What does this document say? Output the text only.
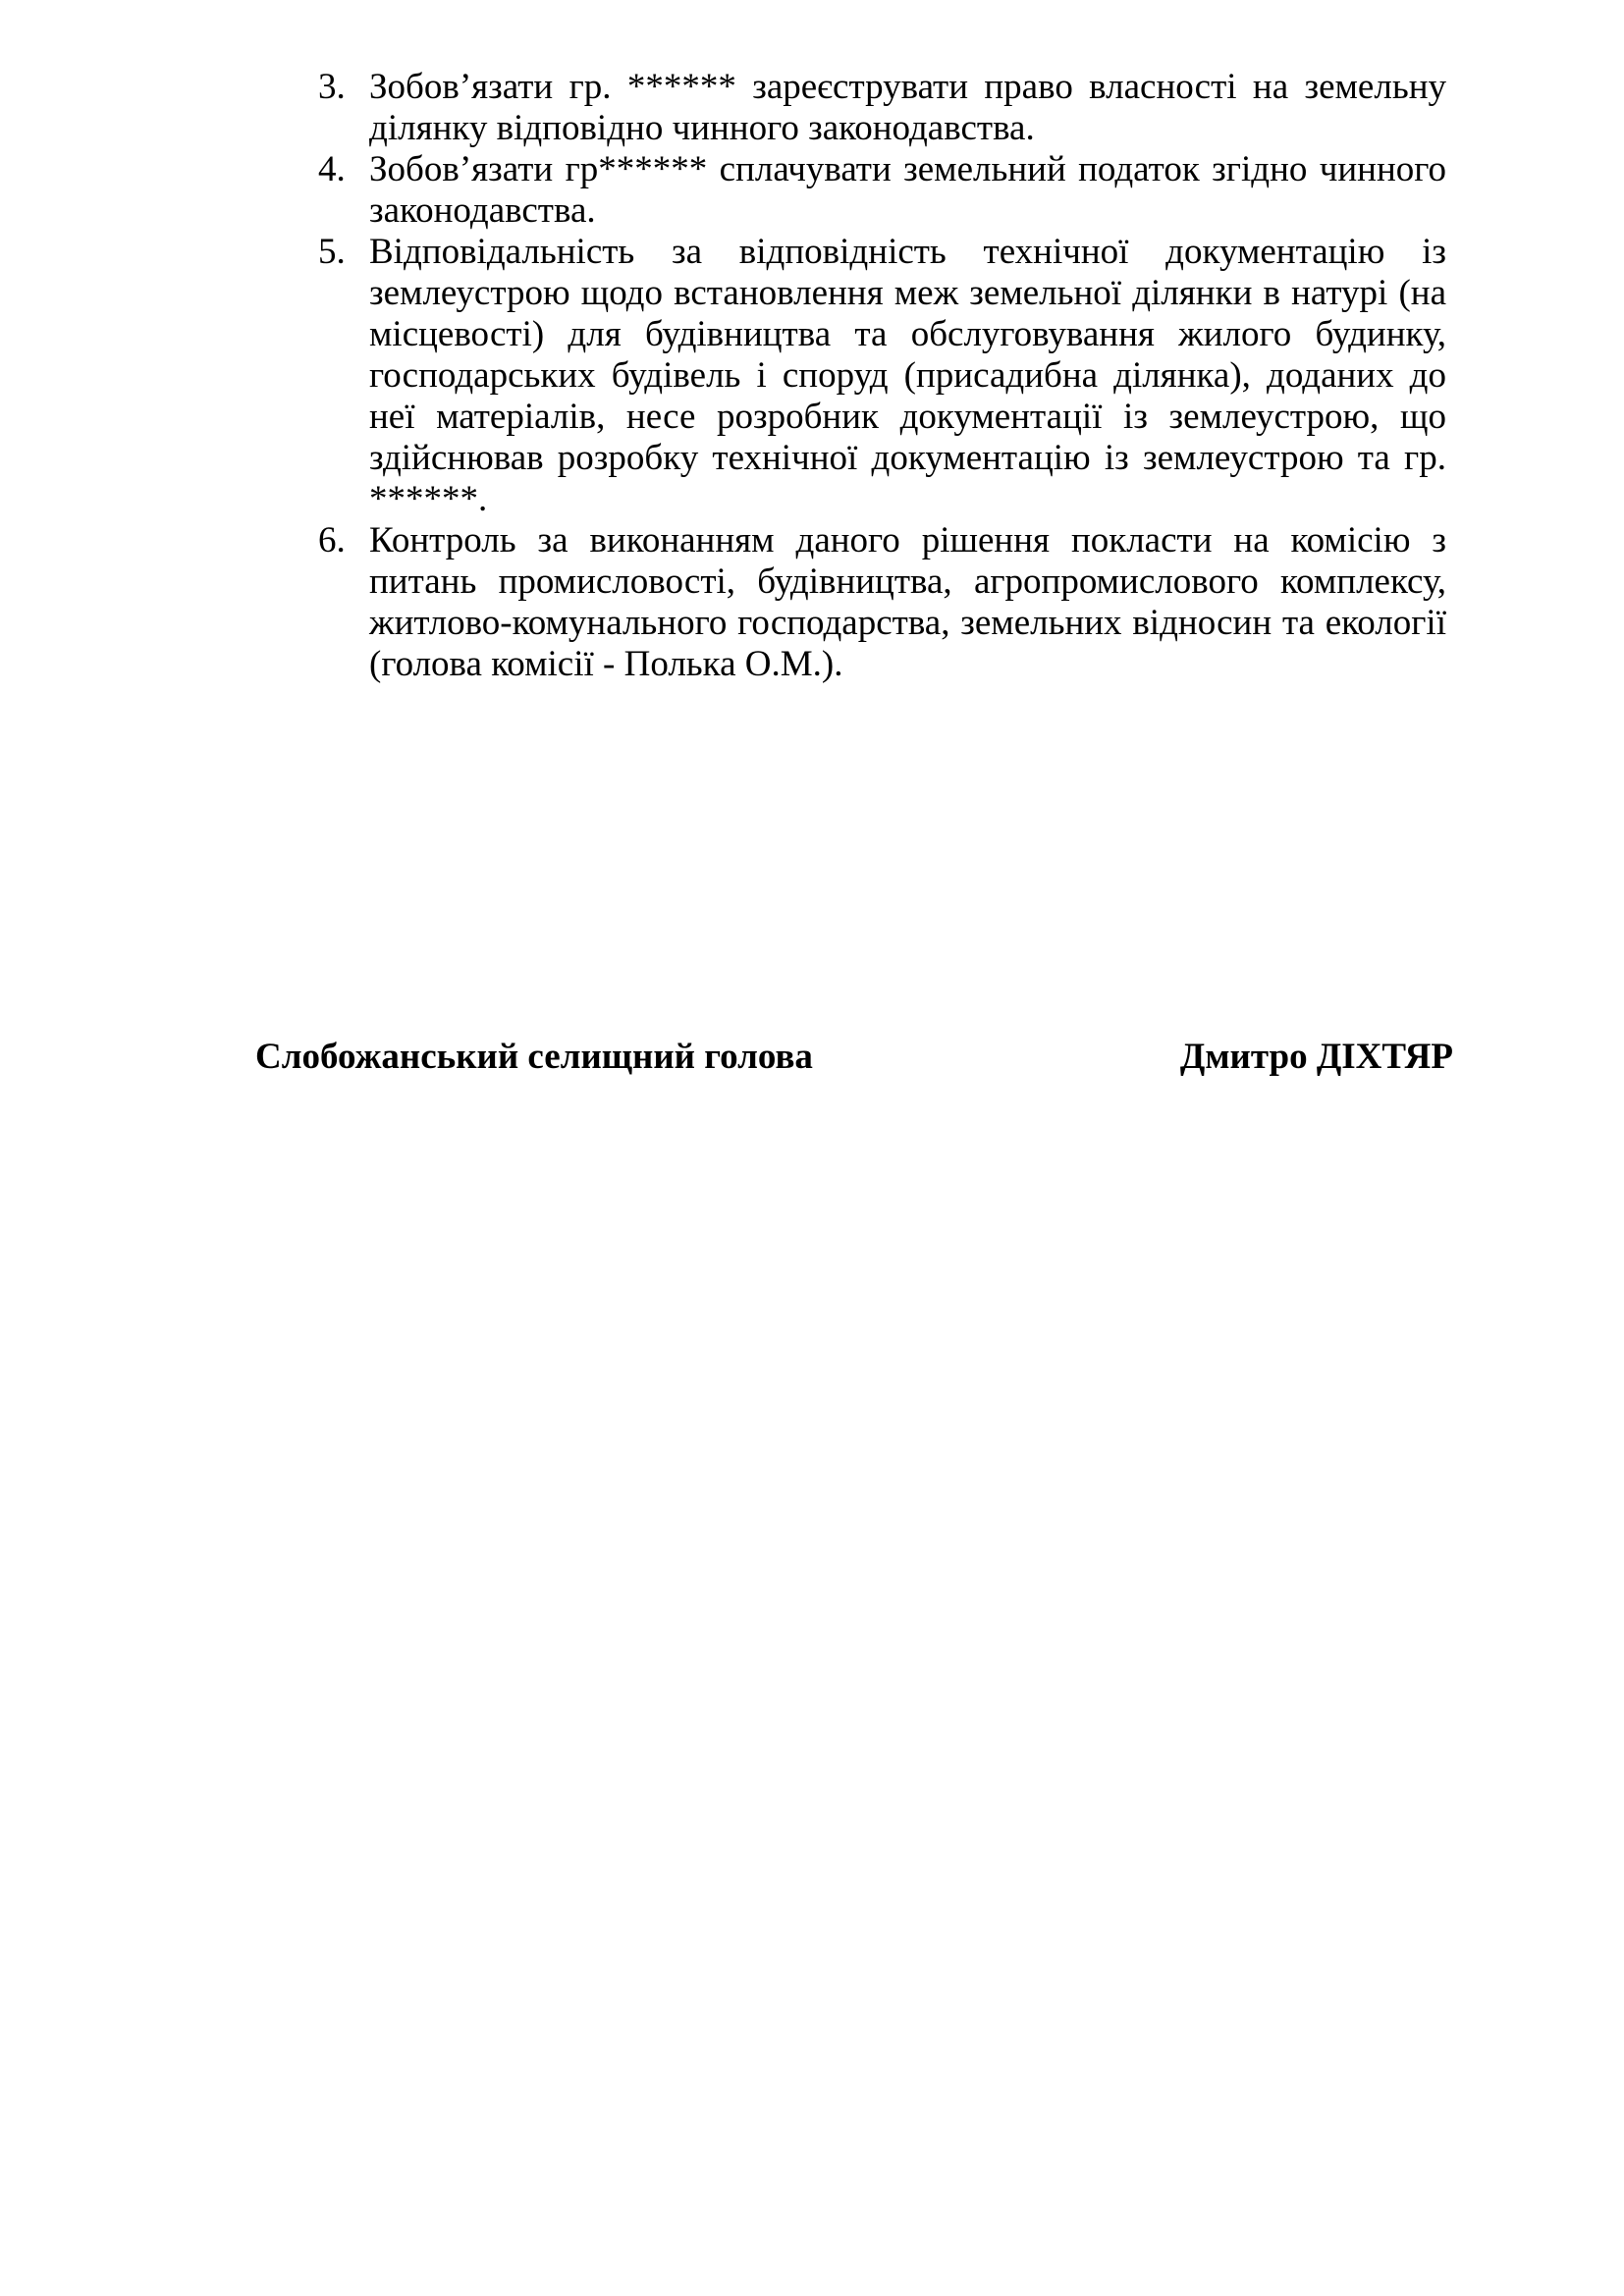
3. Зобов’язати гр. ****** зареєструвати право власності на земельну ділянку відповідно чинного законодавства.
4. Зобов’язати гр****** сплачувати земельний податок згідно чинного законодавства.
5. Відповідальність за відповідність технічної документацію із землеустрою щодо встановлення меж земельної ділянки в натурі (на місцевості) для будівництва та обслуговування жилого будинку, господарських будівель і споруд (присадибна ділянка), доданих до неї матеріалів, несе розробник документації із землеустрою, що здійснював розробку технічної документацію із землеустрою та гр. ******.
6. Контроль за виконанням даного рішення покласти на комісію з питань промисловості, будівництва, агропромислового комплексу, житлово-комунального господарства, земельних відносин та екології (голова комісії - Полька О.М.).
Слобожанський селищний голова	Дмитро ДІХТЯР
